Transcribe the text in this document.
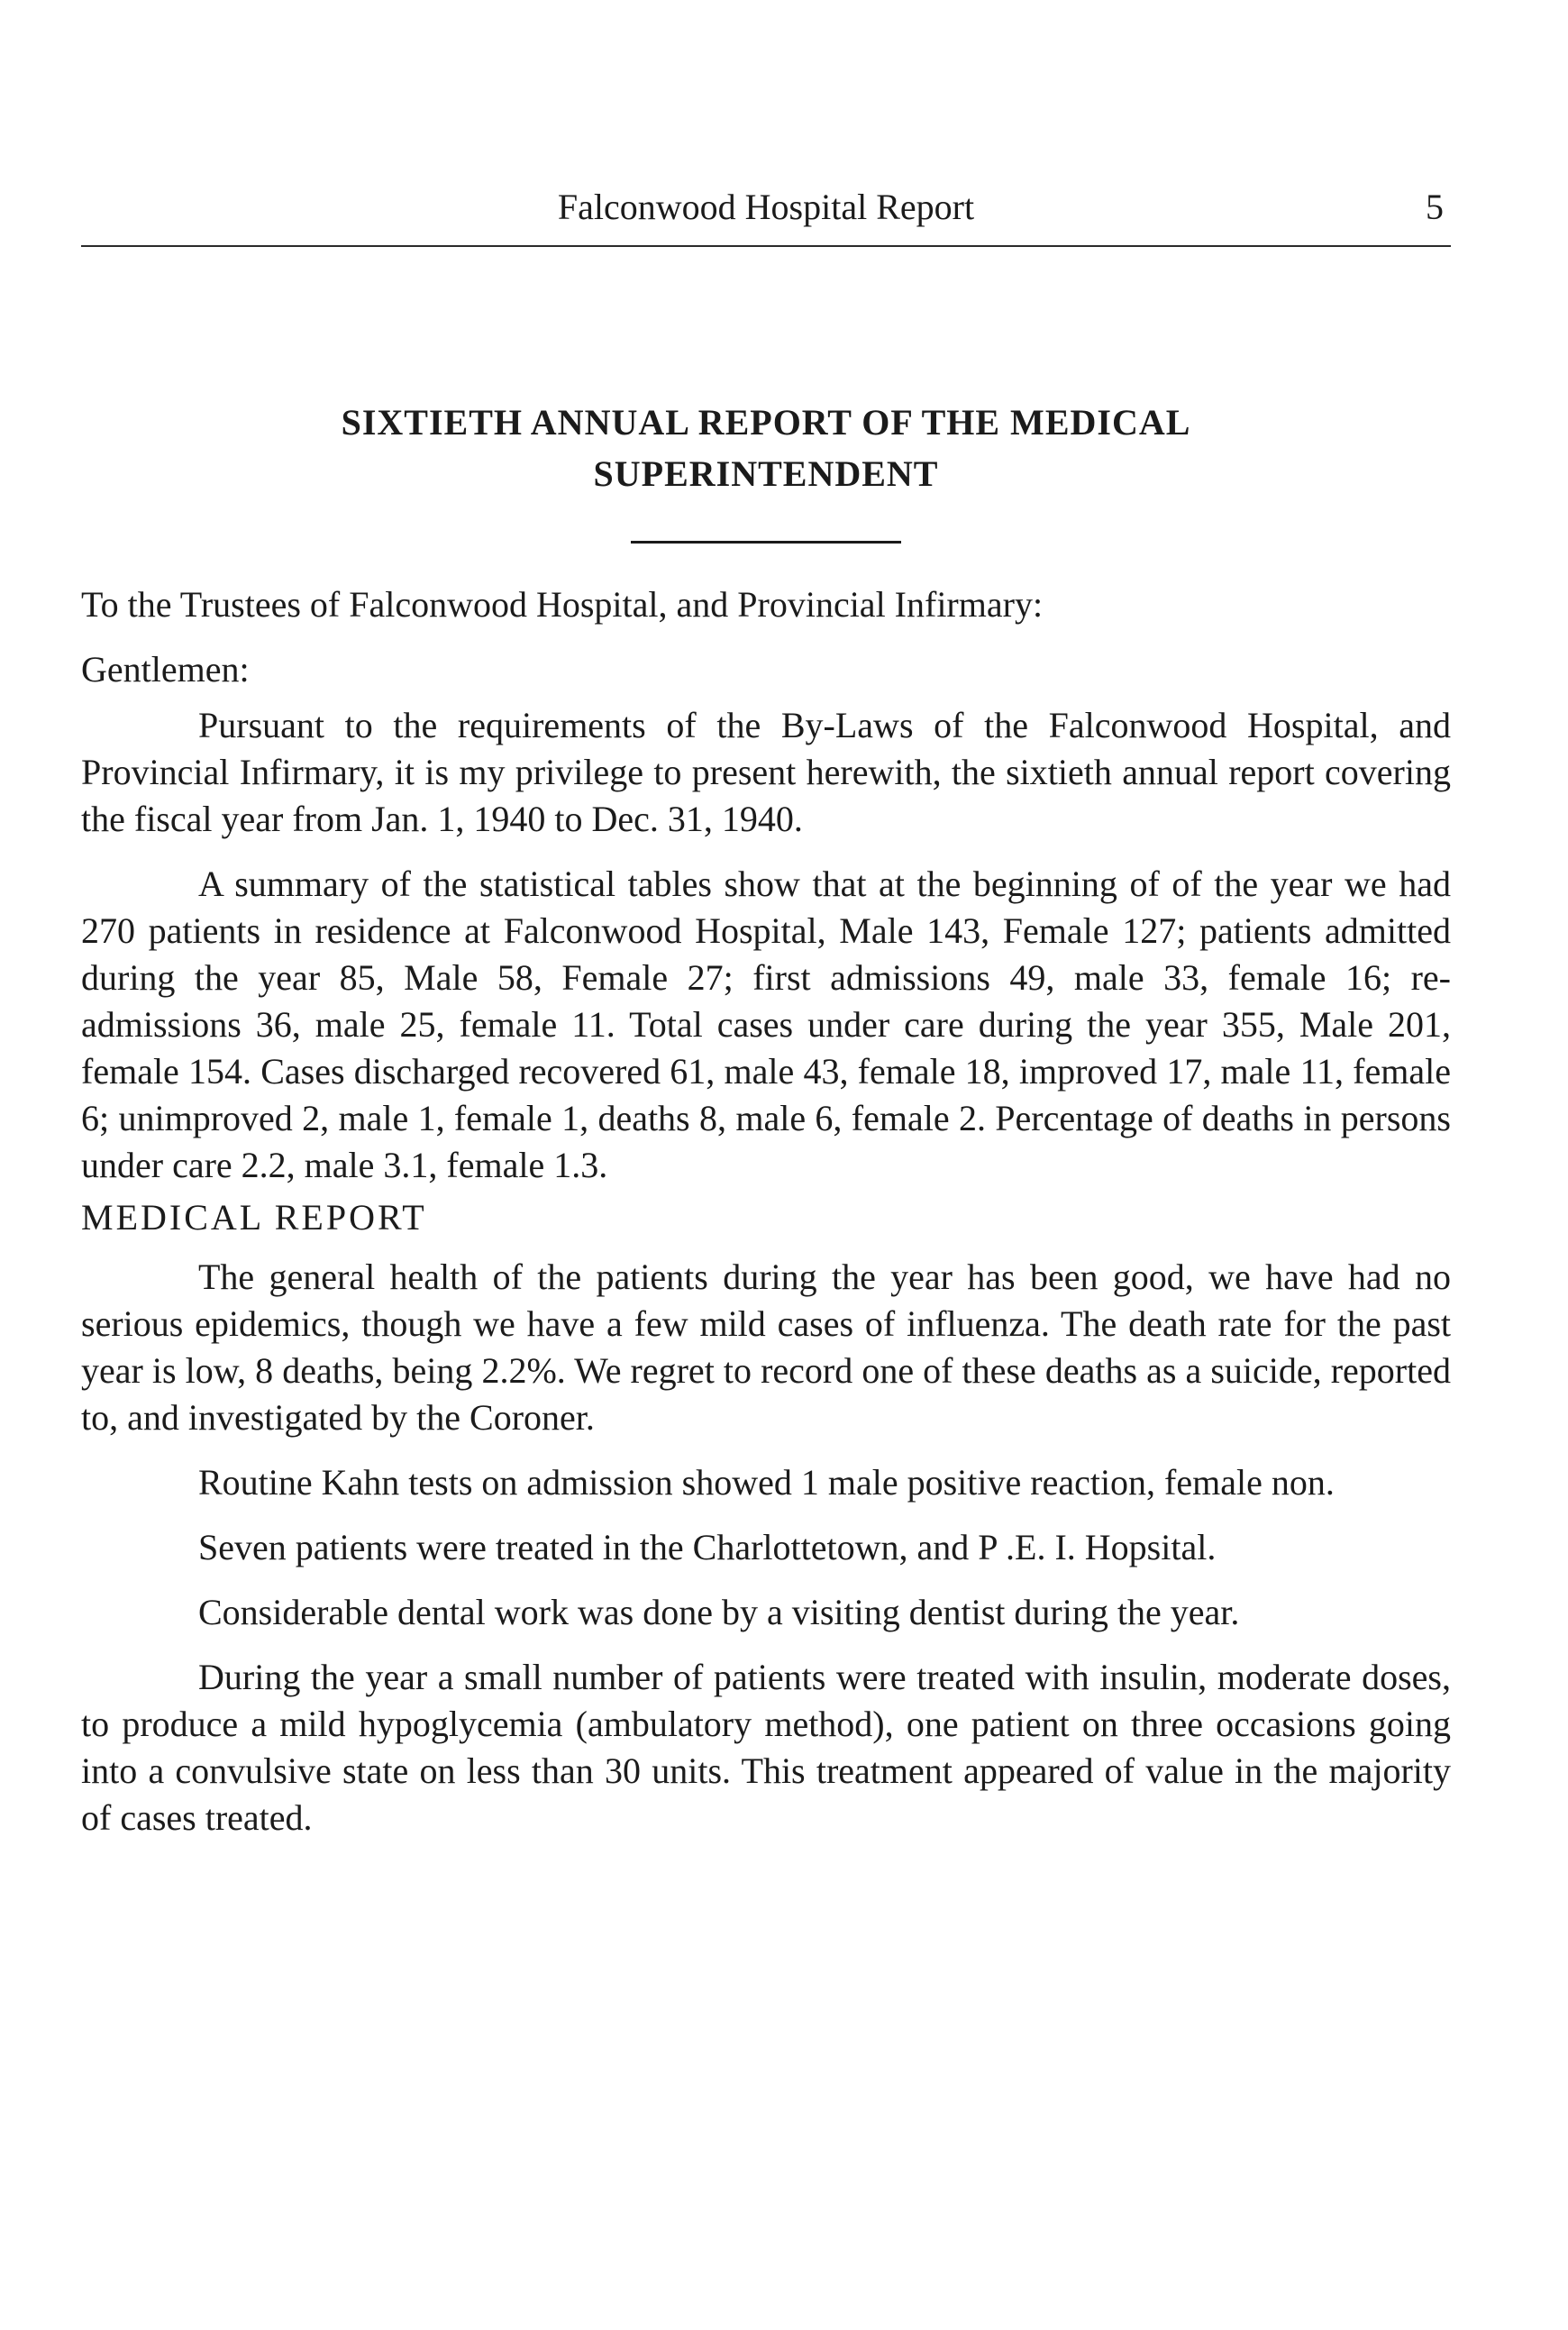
Falconwood Hospital Report	5
SIXTIETH ANNUAL REPORT OF THE MEDICAL
SUPERINTENDENT

To the Trustees of Falconwood Hospital, and Provincial Infirmary:

Gentlemen:

Pursuant to the requirements of the By-Laws of the Falconwood Hospital, and Provincial Infirmary, it is my privilege to present herewith, the sixtieth annual report covering the fiscal year from Jan. 1, 1940 to Dec. 31, 1940.

A summary of the statistical tables show that at the beginning of of the year we had 270 patients in residence at Falconwood Hospital, Male 143, Female 127; patients admitted during the year 85, Male 58, Female 27; first admissions 49, male 33, female 16; re-admissions 36, male 25, female 11. Total cases under care during the year 355, Male 201, female 154. Cases discharged recovered 61, male 43, female 18, improved 17, male 11, female 6; unimproved 2, male 1, female 1, deaths 8, male 6, female 2. Percentage of deaths in persons under care 2.2, male 3.1, female 1.3.

MEDICAL REPORT

The general health of the patients during the year has been good, we have had no serious epidemics, though we have a few mild cases of influenza. The death rate for the past year is low, 8 deaths, being 2.2%. We regret to record one of these deaths as a suicide, reported to, and investigated by the Coroner.

Routine Kahn tests on admission showed 1 male positive reaction, female non.

Seven patients were treated in the Charlottetown, and P .E. I. Hopsital.

Considerable dental work was done by a visiting dentist during the year.

During the year a small number of patients were treated with insulin, moderate doses, to produce a mild hypoglycemia (ambulatory method), one patient on three occasions going into a convulsive state on less than 30 units. This treatment appeared of value in the majority of cases treated.
